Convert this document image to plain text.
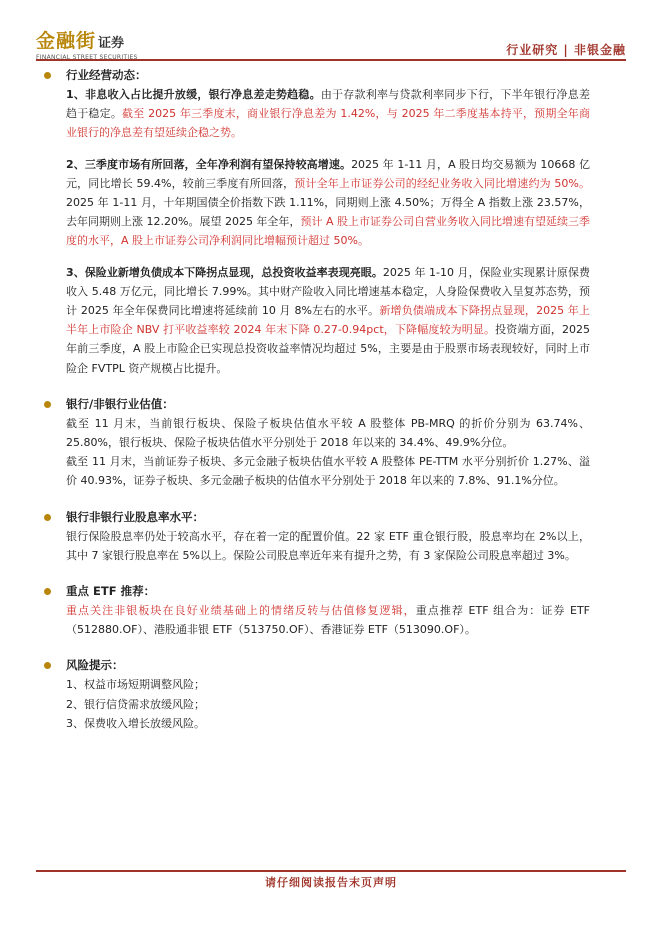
金融街 证券
FINANCIAL STREET SECURITIES
行业研究 | 非银金融
行业经营动态：
1、非息收入占比提升放缓，银行净息差走势趋稳。由于存款利率与贷款利率同步下行，下半年银行净息差趋于稳定。截至 2025 年三季度末，商业银行净息差为 1.42%，与 2025 年二季度基本持平，预期全年商业银行的净息差有望延续企稳之势。
2、三季度市场有所回落，全年净利润有望保持较高增速。2025 年 1-11 月，A 股日均交易额为 10668 亿元，同比增长 59.4%，较前三季度有所回落，预计全年上市证券公司的经纪业务收入同比增速约为 50%。2025 年 1-11 月，十年期国债全价指数下跌 1.11%，同期则上涨 4.50%；万得全 A 指数上涨 23.57%，去年同期则上涨 12.20%。展望 2025 年全年，预计 A 股上市证券公司自营业务收入同比增速有望延续三季度的水平，A 股上市证券公司净利润同比增幅预计超过 50%。
3、保险业新增负债成本下降拐点显现，总投资收益率表现亮眼。2025 年 1-10 月，保险业实现累计原保费收入 5.48 万亿元，同比增长 7.99%。其中财产险收入同比增速基本稳定，人身险保费收入呈复苏态势，预计 2025 年全年保费同比增速将延续前 10 月 8%左右的水平。新增负债端成本下降拐点显现，2025 年上半年上市险企 NBV 打平收益率较 2024 年末下降 0.27-0.94pct，下降幅度较为明显。投资端方面，2025 年前三季度，A 股上市险企已实现总投资收益率情况均超过 5%，主要是由于股票市场表现较好，同时上市险企 FVTPL 资产规模占比提升。
银行/非银行业估值：
截至 11 月末，当前银行板块、保险子板块估值水平较 A 股整体 PB-MRQ 的折价分别为 63.74%、25.80%，银行板块、保险子板块估值水平分别处于 2018 年以来的 34.4%、49.9%分位。
截至 11 月末，当前证券子板块、多元金融子板块估值水平较 A 股整体 PE-TTM 水平分别折价 1.27%、溢价 40.93%，证券子板块、多元金融子板块的估值水平分别处于 2018 年以来的 7.8%、91.1%分位。
银行非银行业股息率水平：
银行保险股息率仍处于较高水平，存在着一定的配置价值。22 家 ETF 重仓银行股，股息率均在 2%以上，其中 7 家银行股息率在 5%以上。保险公司股息率近年来有提升之势，有 3 家保险公司股息率超过 3%。
重点 ETF 推荐：
重点关注非银板块在良好业绩基础上的情绪反转与估值修复逻辑，重点推荐 ETF 组合为：证券 ETF（512880.OF）、港股通非银 ETF（513750.OF）、香港证券 ETF（513090.OF）。
风险提示：
1、权益市场短期调整风险；
2、银行信贷需求放缓风险；
3、保费收入增长放缓风险。
请仔细阅读报告末页声明
